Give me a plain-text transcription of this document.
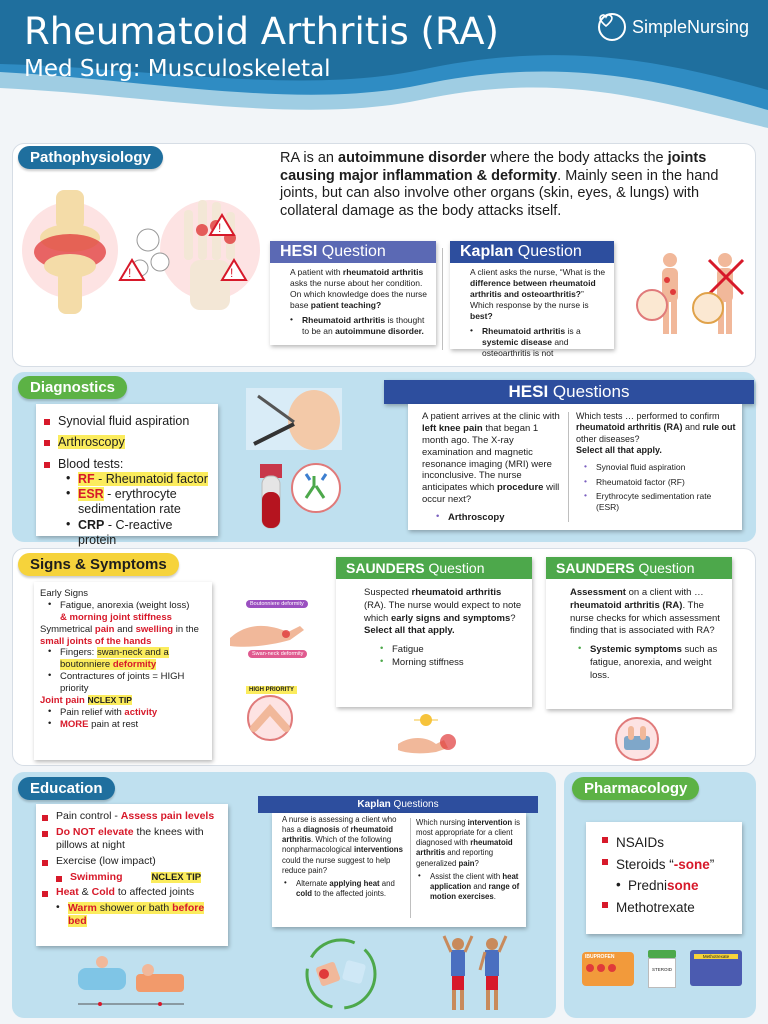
Rheumatoid Arthritis (RA)
Med Surg: Musculoskeletal
SimpleNursing
Pathophysiology
!
!
!
RA is an autoimmune disorder where the body attacks the joints causing major inflammation & deformity. Mainly seen in the hand joints, but can also involve other organs (skin, eyes, & lungs) with collateral damage as the body attacks itself.
HESI Question
A patient with rheumatoid arthritis asks the nurse about her condition. On which knowledge does the nurse base patient teaching?
• Rheumatoid arthritis is thought to be an autoimmune disorder.
Kaplan Question
A client asks the nurse, “What is the difference between rheumatoid arthritis and osteoarthritis?” Which response by the nurse is best?
• Rheumatoid arthritis is a systemic disease and osteoarthritis is not
Diagnostics
Synovial fluid aspiration
Arthroscopy
Blood tests:
• RF - Rheumatoid factor
• ESR - erythrocyte sedimentation rate
• CRP - C-reactive protein
HESI Questions
A patient arrives at the clinic with left knee pain that began 1 month ago. The X-ray examination and magnetic resonance imaging (MRI) were inconclusive. The nurse anticipates which procedure will occur next?
• Arthroscopy
Which tests … performed to confirm rheumatoid arthritis (RA) and rule out other diseases?
Select all that apply.
• Synovial fluid aspiration
• Rheumatoid factor (RF)
• Erythrocyte sedimentation rate (ESR)
Signs & Symptoms
Early Signs
• Fatigue, anorexia (weight loss)
& morning joint stiffness
Symmetrical pain and swelling in the small joints of the hands
• Fingers: swan-neck and a boutonniere deformity
• Contractures of joints = HIGH priority
Joint pain NCLEX TIP
• Pain relief with activity
• MORE pain at rest
Boutonniere deformity
Swan-neck deformity
HIGH PRIORITY
SAUNDERS Question
Suspected rheumatoid arthritis (RA). The nurse would expect to note which early signs and symptoms?
Select all that apply.
• Fatigue
• Morning stiffness
SAUNDERS Question
Assessment on a client with … rheumatoid arthritis (RA). The nurse checks for which assessment finding that is associated with RA?
• Systemic symptoms such as fatigue, anorexia, and weight loss.
Education
Pain control - Assess pain levels
Do NOT elevate the knees with pillows at night
Exercise (low impact)
Swimming	NCLEX TIP
Heat & Cold to affected joints
• Warm shower or bath before bed
Kaplan Questions
A nurse is assessing a client who has a diagnosis of rheumatoid arthritis. Which of the following nonpharmacological interventions could the nurse suggest to help reduce pain?
• Alternate applying heat and cold to the affected joints.
Which nursing intervention is most appropriate for a client diagnosed with rheumatoid arthritis and reporting generalized pain?
• Assist the client with heat application and range of motion exercises.
Pharmacology
NSAIDs
Steroids “-sone”
• Prednisone
Methotrexate
IBUPROFEN
STEROID
Methotrexate
